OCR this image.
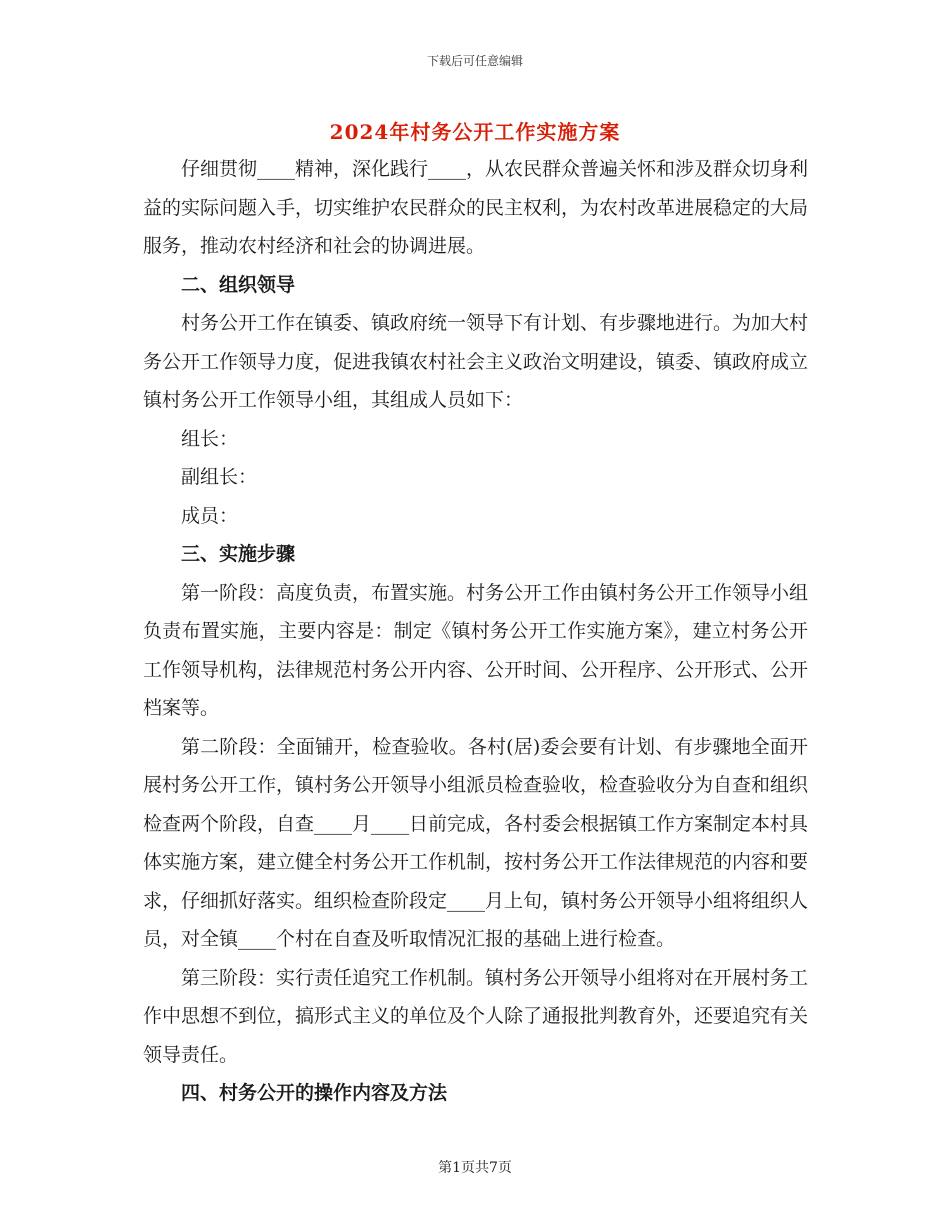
下载后可任意编辑
2024年村务公开工作实施方案

仔细贯彻____精神，深化践行____，从农民群众普遍关怀和涉及群众切身利益的实际问题入手，切实维护农民群众的民主权利，为农村改革进展稳定的大局服务，推动农村经济和社会的协调进展。

二、组织领导

村务公开工作在镇委、镇政府统一领导下有计划、有步骤地进行。为加大村务公开工作领导力度，促进我镇农村社会主义政治文明建设，镇委、镇政府成立镇村务公开工作领导小组，其组成人员如下：

组长：

副组长：

成员：

三、实施步骤

第一阶段：高度负责，布置实施。村务公开工作由镇村务公开工作领导小组负责布置实施，主要内容是：制定《镇村务公开工作实施方案》，建立村务公开工作领导机构，法律规范村务公开内容、公开时间、公开程序、公开形式、公开档案等。

第二阶段：全面铺开，检查验收。各村(居)委会要有计划、有步骤地全面开展村务公开工作，镇村务公开领导小组派员检查验收，检查验收分为自查和组织检查两个阶段，自查____月____日前完成，各村委会根据镇工作方案制定本村具体实施方案，建立健全村务公开工作机制，按村务公开工作法律规范的内容和要求，仔细抓好落实。组织检查阶段定____月上旬，镇村务公开领导小组将组织人员，对全镇____个村在自查及听取情况汇报的基础上进行检查。

第三阶段：实行责任追究工作机制。镇村务公开领导小组将对在开展村务工作中思想不到位，搞形式主义的单位及个人除了通报批判教育外，还要追究有关领导责任。

四、村务公开的操作内容及方法

第1页共7页
